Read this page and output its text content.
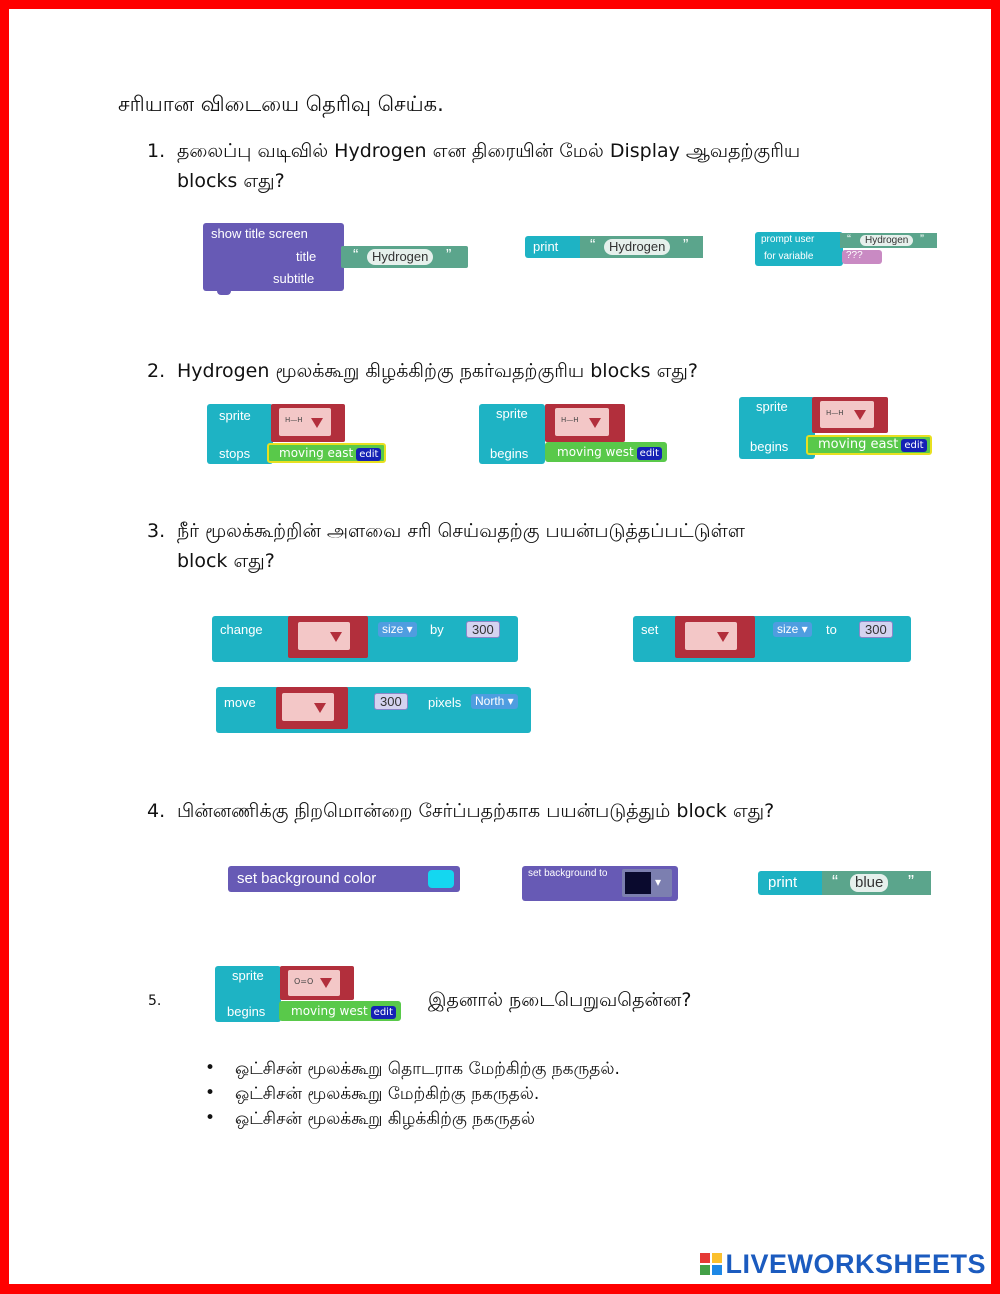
சரியான விடையை தெரிவு செய்க.
1. தலைப்பு வடிவில் Hydrogen என திரையின் மேல் Display ஆவதற்குரிய
blocks எது?
show title screen
title
subtitle
“	Hydrogen	”
print “	Hydrogen	”	prompt user
for variable
“	Hydrogen ”
???
2. Hydrogen மூலக்கூறு கிழக்கிற்கு நகர்வதற்குரிய blocks எது?
sprite
stops
H—H
moving east edit
sprite
begins
H—H
moving west edit
sprite
begins
H—H
moving east edit
3. நீர் மூலக்கூற்றின் அளவை சரி செய்வதற்கு பயன்படுத்தப்பட்டுள்ள
block எது?
change	size ▾	by	300	set	size ▾	to	300
move	300	pixels	North ▾
4. பின்னணிக்கு நிறமொன்றை சேர்ப்பதற்காக பயன்படுத்தும் block எது?
set background color	set background to
▾	print “	blue ”
5.
sprite
begins
O=O
moving west edit
இதனால் நடைபெறுவதென்ன?
• ஒட்சிசன் மூலக்கூறு தொடராக மேற்கிற்கு நகருதல்.
• ஒட்சிசன் மூலக்கூறு மேற்கிற்கு நகருதல்.
• ஒட்சிசன் மூலக்கூறு கிழக்கிற்கு நகருதல்
LIVEWORKSHEETS
